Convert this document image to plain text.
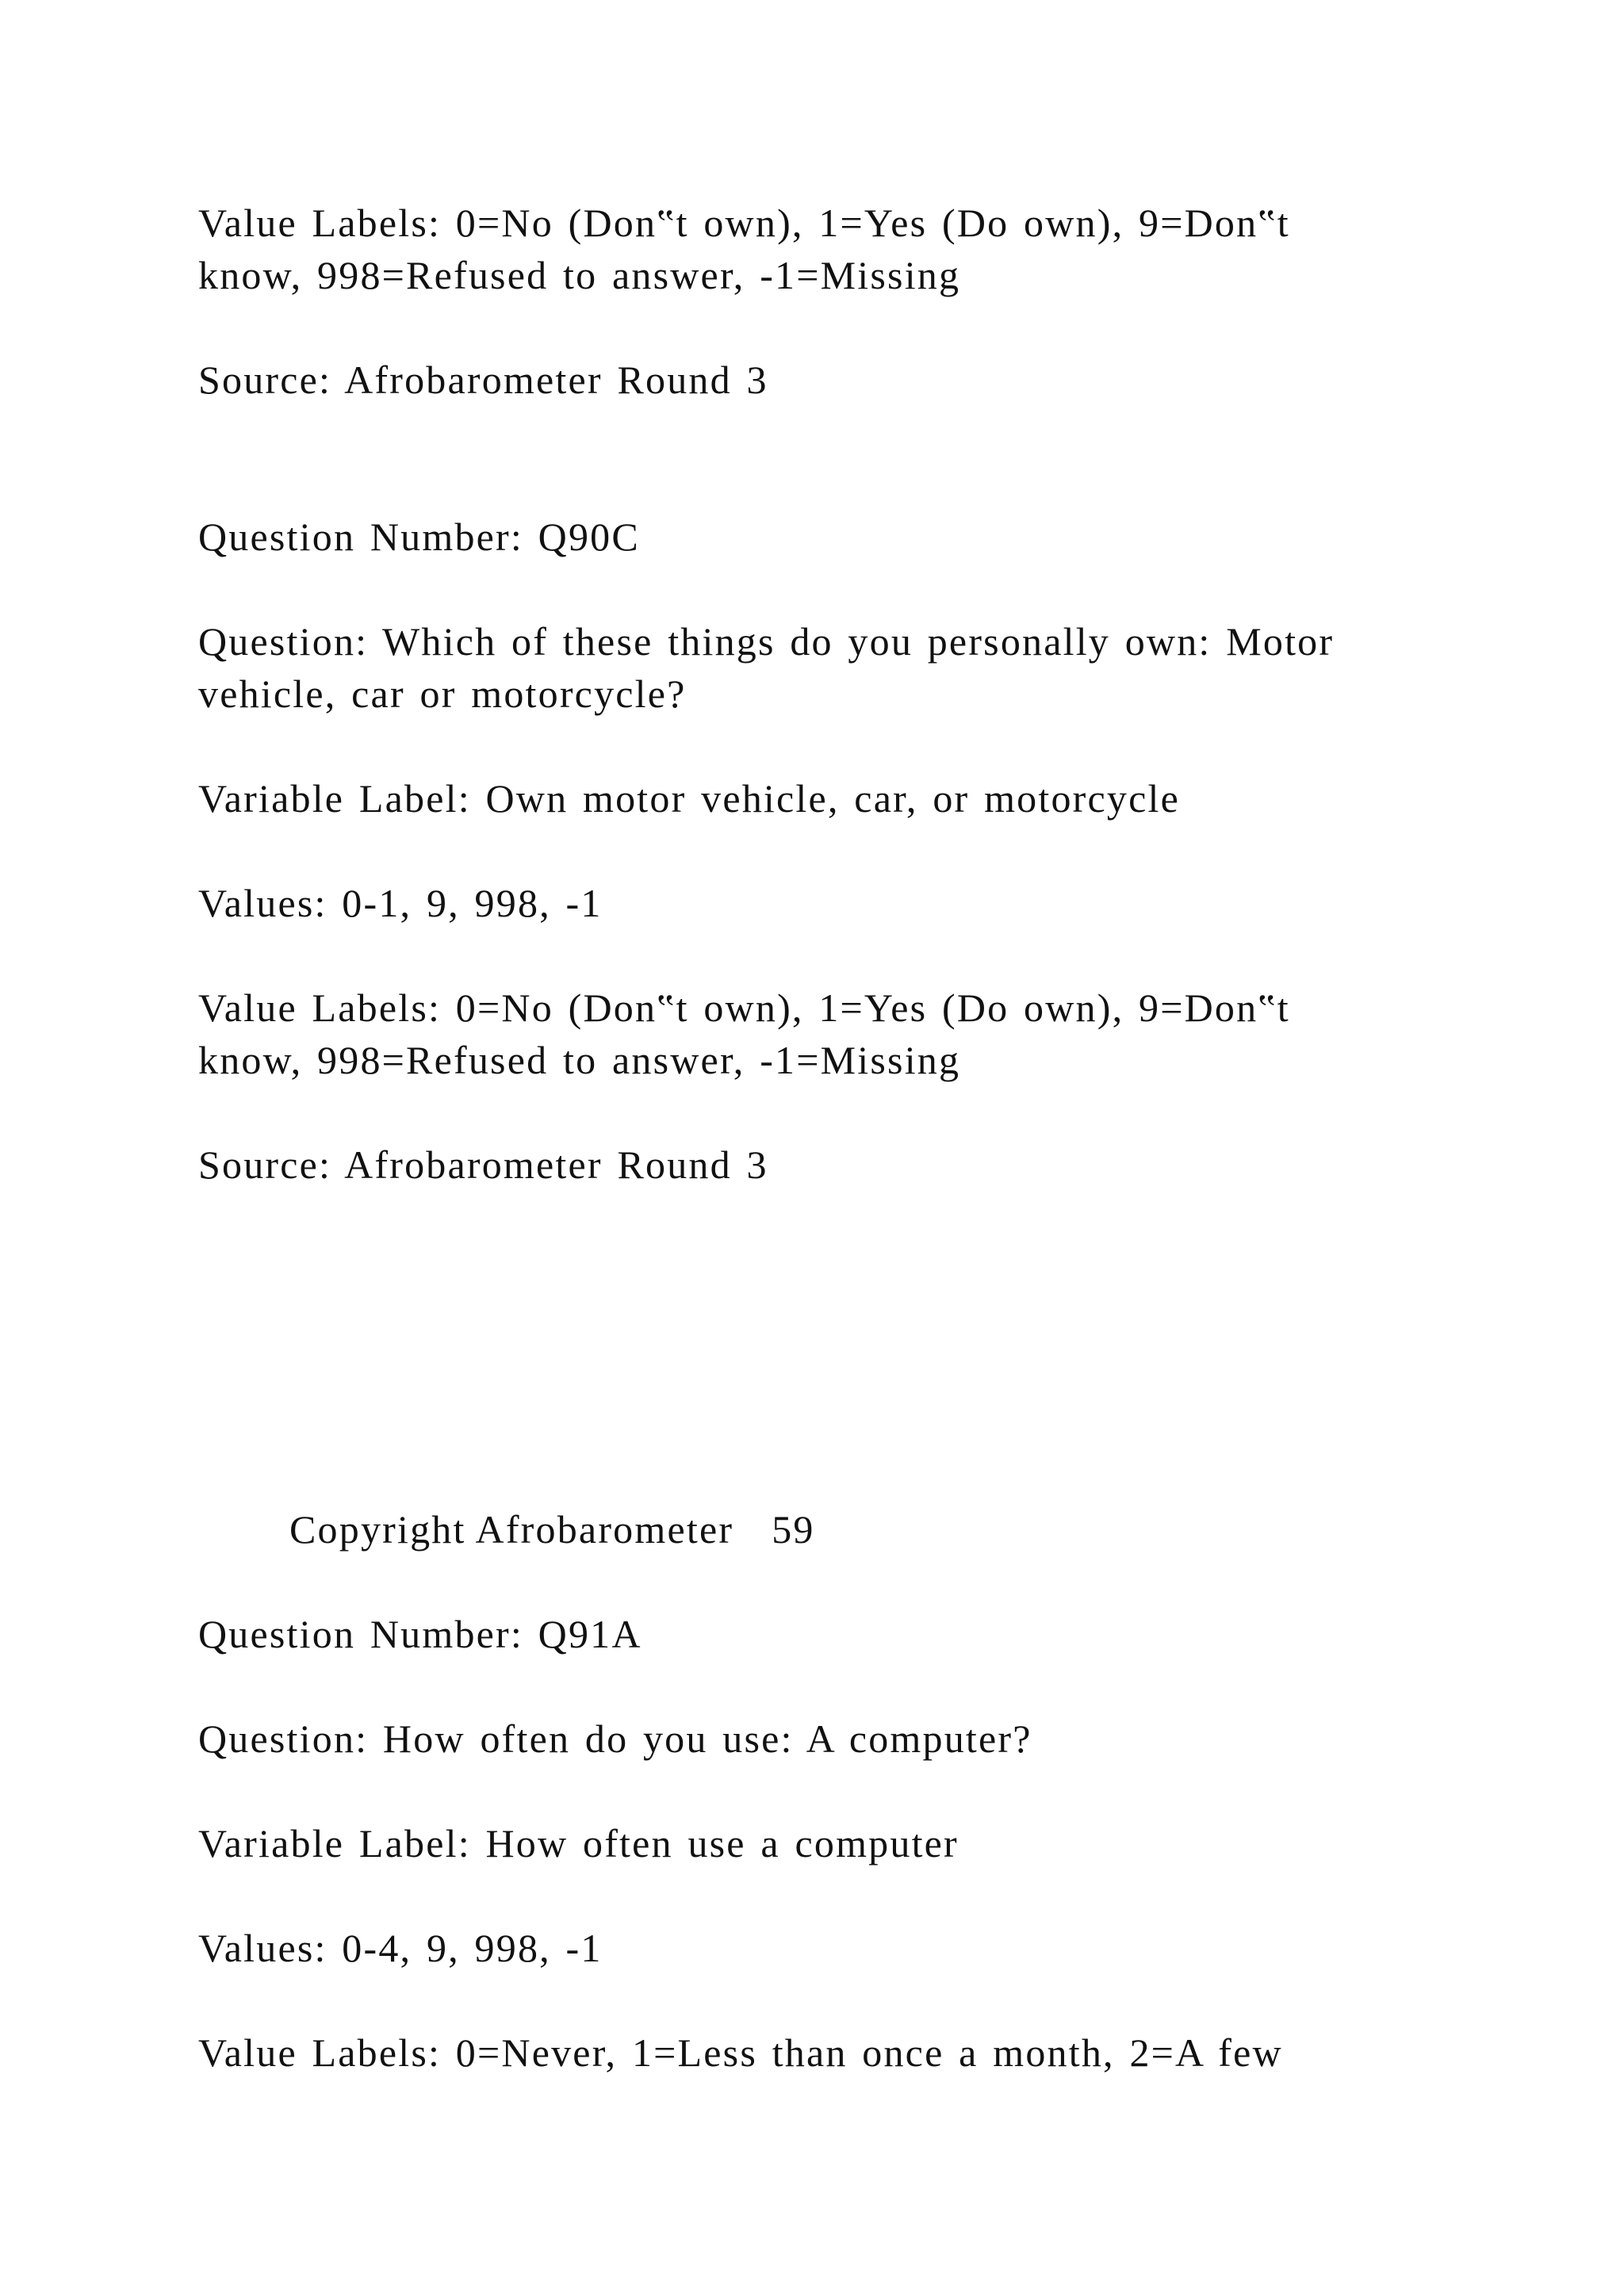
Value Labels: 0=No (Don‟t own), 1=Yes (Do own), 9=Don‟t

know, 998=Refused to answer, -1=Missing

Source: Afrobarometer Round 3

Question Number: Q90C

Question: Which of these things do you personally own: Motor

vehicle, car or motorcycle?

Variable Label: Own motor vehicle, car, or motorcycle

Values: 0-1, 9, 998, -1

Value Labels: 0=No (Don‟t own), 1=Yes (Do own), 9=Don‟t

know, 998=Refused to answer, -1=Missing

Source: Afrobarometer Round 3

Copyright Afrobarometer 59

Question Number: Q91A

Question: How often do you use: A computer?

Variable Label: How often use a computer

Values: 0-4, 9, 998, -1

Value Labels: 0=Never, 1=Less than once a month, 2=A few
